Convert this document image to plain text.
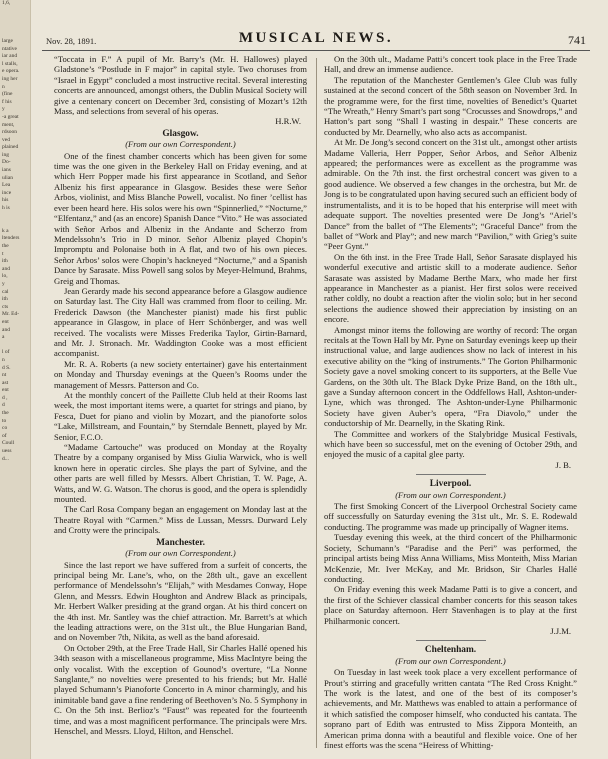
1,6,

large
ntative
iar and
l stalls,
e opera.
ing her
n
(fine
f his
y
-a great
ment,
rdsoon
ved
plained
ing
Do-
ians
ulian
Lea
ince
his
h is

k a
ltenders
the
t
ith
and
lo,
y
cal
ith
cts
Mr. Ed-
ent
and
a

l of
n
d S.
nt
ast
ent
d ,
d
the
to
co
of
Coull
uess
d...
Nov. 28, 1891.	MUSICAL NEWS.	741

“Toccata in F.” A pupil of Mr. Barry’s (Mr. H. Hallowes) played Gladstone’s “Postlude in F major” in capital style. Two choruses from “Israel in Egypt” concluded a most instructive recital. Several interesting concerts are announced, amongst others, the Dublin Musical Society will give a centenary concert on December 3rd, consisting of Mozart’s 12th Mass, and selections from several of his operas.

H.R.W.

Glasgow.
(From our own Correspondent.)

One of the finest chamber concerts which has been given for some time was the one given in the Berkeley Hall on Friday evening, and at which Herr Popper made his first appearance in Scotland, and Señor Albeniz his first appearance in Glasgow. Besides these were Señor Arbos, violinist, and Miss Blanche Powell, vocalist. No finer ’cellist has ever been heard here. His solos were his own “Spinnerlied,” “Nocturne,” “Elfentanz,” and (as an encore) Spanish Dance “Vito.” He was associated with Señor Arbos and Albeniz in the Andante and Scherzo from Mendelssohn’s Trio in D minor. Señor Albeniz played Chopin’s Impromptu and Polonaise both in A flat, and two of his own pieces. Señor Arbos’ solos were Chopin’s hackneyed “Nocturne,” and a Spanish Dance by Sarasate. Miss Powell sang solos by Meyer-Helmund, Brahms, Greig and Thomas.

Jean Gerardy made his second appearance before a Glasgow audience on Saturday last. The City Hall was crammed from floor to ceiling. Mr. Frederick Dawson (the Manchester pianist) made his first public appearance in Glasgow, in place of Herr Schönberger, and was well received. The vocalists were Misses Frederika Taylor, Girtin-Barnard, and Mr. J. Stronach. Mr. Waddington Cooke was a most efficient accompanist.

Mr. R. A. Roberts (a new society entertainer) gave his entertainment on Monday and Thursday evenings at the Queen’s Rooms under the management of Messrs. Patterson and Co.

At the monthly concert of the Paillette Club held at their Rooms last week, the most important items were, a quartet for strings and piano, by Fesca, Duet for piano and violin by Mozart, and the pianoforte solos “Lake, Millstream, and Fountain,” by Sterndale Bennett, played by Mr. Senior, F.C.O.

“Madame Cartouche” was produced on Monday at the Royalty Theatre by a company organised by Miss Giulia Warwick, who is well known here in operatic circles. She plays the part of Sylvine, and the other parts are well filled by Messrs. Albert Christian, T. W. Page, A. Watts, and W. G. Watson. The chorus is good, and the opera is splendidly mounted.

The Carl Rosa Company began an engagement on Monday last at the Theatre Royal with “Carmen.” Miss de Lussan, Messrs. Durward Lely and Crotty were the principals.

Manchester.
(From our own Correspondent.)

Since the last report we have suffered from a surfeit of concerts, the principal being Mr. Lane’s, who, on the 28th ult., gave an excellent performance of Mendelssohn’s “Elijah,” with Mesdames Conway, Hope Glenn, and Messrs. Edwin Houghton and Andrew Black as principals, Mr. Herbert Walker presiding at the grand organ. At his third concert on the 4th inst. Mr. Santley was the chief attraction. Mr. Barrett’s at which the leading attractions were, on the 31st ult., the Blue Hungarian Band, and on November 7th, Nikita, as well as the band aforesaid.

On October 29th, at the Free Trade Hall, Sir Charles Hallé opened his 34th season with a miscellaneous programme, Miss MacIntyre being the only vocalist. With the exception of Gounod’s overture, “La Nonne Sanglante,” no novelties were presented to his friends; but Mr. Hallé played Schumann’s Pianoforte Concerto in A minor charmingly, and his inimitable band gave a fine rendering of Beethoven’s No. 5 Symphony in C. On the 5th inst. Berlioz’s “Faust” was repeated for the fourteenth time, and was a most magnificent performance. The principals were Mrs. Henschel, and Messrs. Lloyd, Hilton, and Henschel.

On the 30th ult., Madame Patti’s concert took place in the Free Trade Hall, and drew an immense audience.

The reputation of the Manchester Gentlemen’s Glee Club was fully sustained at the second concert of the 58th season on November 3rd. In the programme were, for the first time, novelties of Benedict’s Quartet “The Wreath,” Henry Smart’s part song “Crocusses and Snowdrops,” and Hatton’s part song “Shall I wasting in despair.” These concerts are conducted by Mr. Dearnelly, who also acts as accompanist.

At Mr. De Jong’s second concert on the 31st ult., amongst other artists Madame Valleria, Herr Popper, Señor Arbos, and Señor Albeniz appeared; the performances were as excellent as the programme was admirable. On the 7th inst. the first orchestral concert was given to a good audience. We observed a few changes in the orchestra, but Mr. de Jong is to be congratulated upon having secured such an efficient body of instrumentalists, and it is to be hoped that his enterprise will meet with adequate support. The novelties presented were De Jong’s “Ariel’s Dance” from the ballet of “The Elements”; “Graceful Dance” from the ballet of “Work and Play”; and new march “Pavilion,” with Grieg’s suite “Peer Gynt.”

On the 6th inst. in the Free Trade Hall, Señor Sarasate displayed his wonderful executive and artistic skill to a moderate audience. Señor Sarasate was assisted by Madame Berthe Marx, who made her first appearance in Manchester as a pianist. Her first solos were received rather coldly, no doubt a reaction after the violin solo; but in her second selections the audience showed their appreciation by insisting on an encore.

Amongst minor items the following are worthy of record: The organ recitals at the Town Hall by Mr. Pyne on Saturday evenings keep up their instructional value, and large audiences show no lack of interest in his executive ability on the “king of instruments.” The Gorton Philharmonic Society gave a novel smoking concert to its supporters, at the Belle Vue Gardens, on the 30th ult. The Black Dyke Prize Band, on the 18th ult., gave a Sunday afternoon concert in the Oddfellows Hall, Ashton-under-Lyne, which was thronged. The Ashton-under-Lyne Philharmonic Society have given Auber’s opera, “Fra Diavolo,” under the conductorship of Mr. Dearnelly, in the Skating Rink.

The Committee and workers of the Stalybridge Musical Festivals, which have been so successful, met on the evening of October 29th, and enjoyed the music of a capital glee party.

J. B.

Liverpool.
(From our own Correspondent.)

The first Smoking Concert of the Liverpool Orchestral Society came off successfully on Saturday evening the 31st ult., Mr. S. E. Rodewald conducting. The programme was made up principally of Wagner items.

Tuesday evening this week, at the third concert of the Philharmonic Society, Schumann’s “Paradise and the Peri” was performed, the principal artists being Miss Anna Williams, Miss Monteith, Miss Marian McKenzie, Mr. Iver McKay, and Mr. Bridson, Sir Charles Hallé conducting.

On Friday evening this week Madame Patti is to give a concert, and the first of the Schiever classical chamber concerts for this season takes place on Saturday afternoon. Herr Stavenhagen is to play at the first Philharmonic concert.

J.J.M.

Cheltenham.
(From our own Correspondent.)

On Tuesday in last week took place a very excellent performance of Prout’s stirring and gracefully written cantata “The Red Cross Knight.” The work is the latest, and one of the best of its composer’s achievements, and Mr. Matthews was enabled to attain a performance of it which satisfied the composer himself, who conducted his cantata. The soprano part of Edith was entrusted to Miss Zippora Monteith, an American prima donna with a beautiful and flexible voice. One of her finest efforts was the scena “Heiress of Whitting-
